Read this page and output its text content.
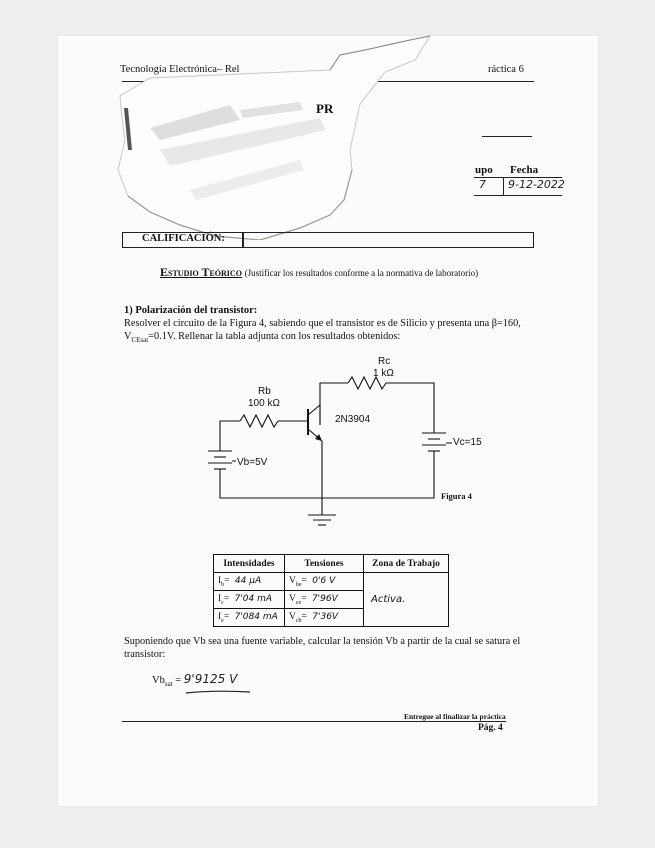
Tecnología Electrónica– Rel	ráctica 6
PR
upo Fecha
7 9-12-2022
CALIFICACIÓN:
Estudio Teórico (Justificar los resultados conforme a la normativa de laboratorio)
1) Polarización del transistor:
Resolver el circuito de la Figura 4, sabiendo que el transistor es de Silicio y presenta una β=160,
$V_{CEsat}=0.1V$. Rellenar la tabla adjunta con los resultados obtenidos:
Rc
1 kΩ
Rb
100 kΩ
2N3904
Vb=5V
Vc=15
Figura 4
Intensidades	Tensiones	Zona de Trabajo
$I_b= 44$ µA	$V_{be}= 0'6$ V	Activa.
$I_c= 7'04$ mA	$V_{ce}= 7'96V$	
$I_e= 7'084$ mA	$V_{cb}= 7'36V$	
Suponiendo que Vb sea una fuente variable, calcular la tensión Vb a partir de la cual se satura el
transistor:
$Vb_{sat} = 9'9125$ V
Entregue al finalizar la práctica
Pág. 4
